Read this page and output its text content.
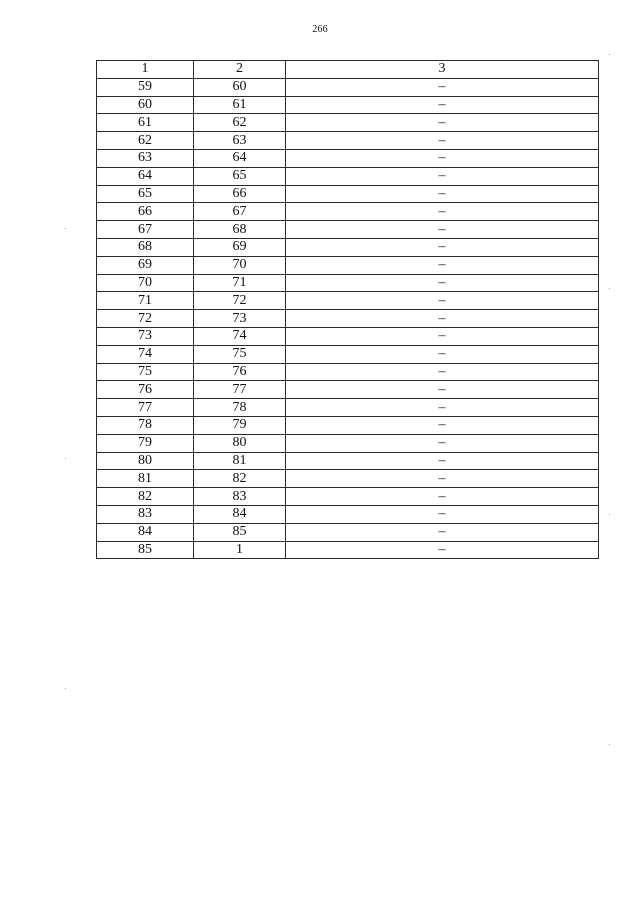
266
1	2	3
59	60	–
60	61	–
61	62	–
62	63	–
63	64	–
64	65	–
65	66	–
66	67	–
67	68	–
68	69	–
69	70	–
70	71	–
71	72	–
72	73	–
73	74	–
74	75	–
75	76	–
76	77	–
77	78	–
78	79	–
79	80	–
80	81	–
81	82	–
82	83	–
83	84	–
84	85	–
85	1	–
